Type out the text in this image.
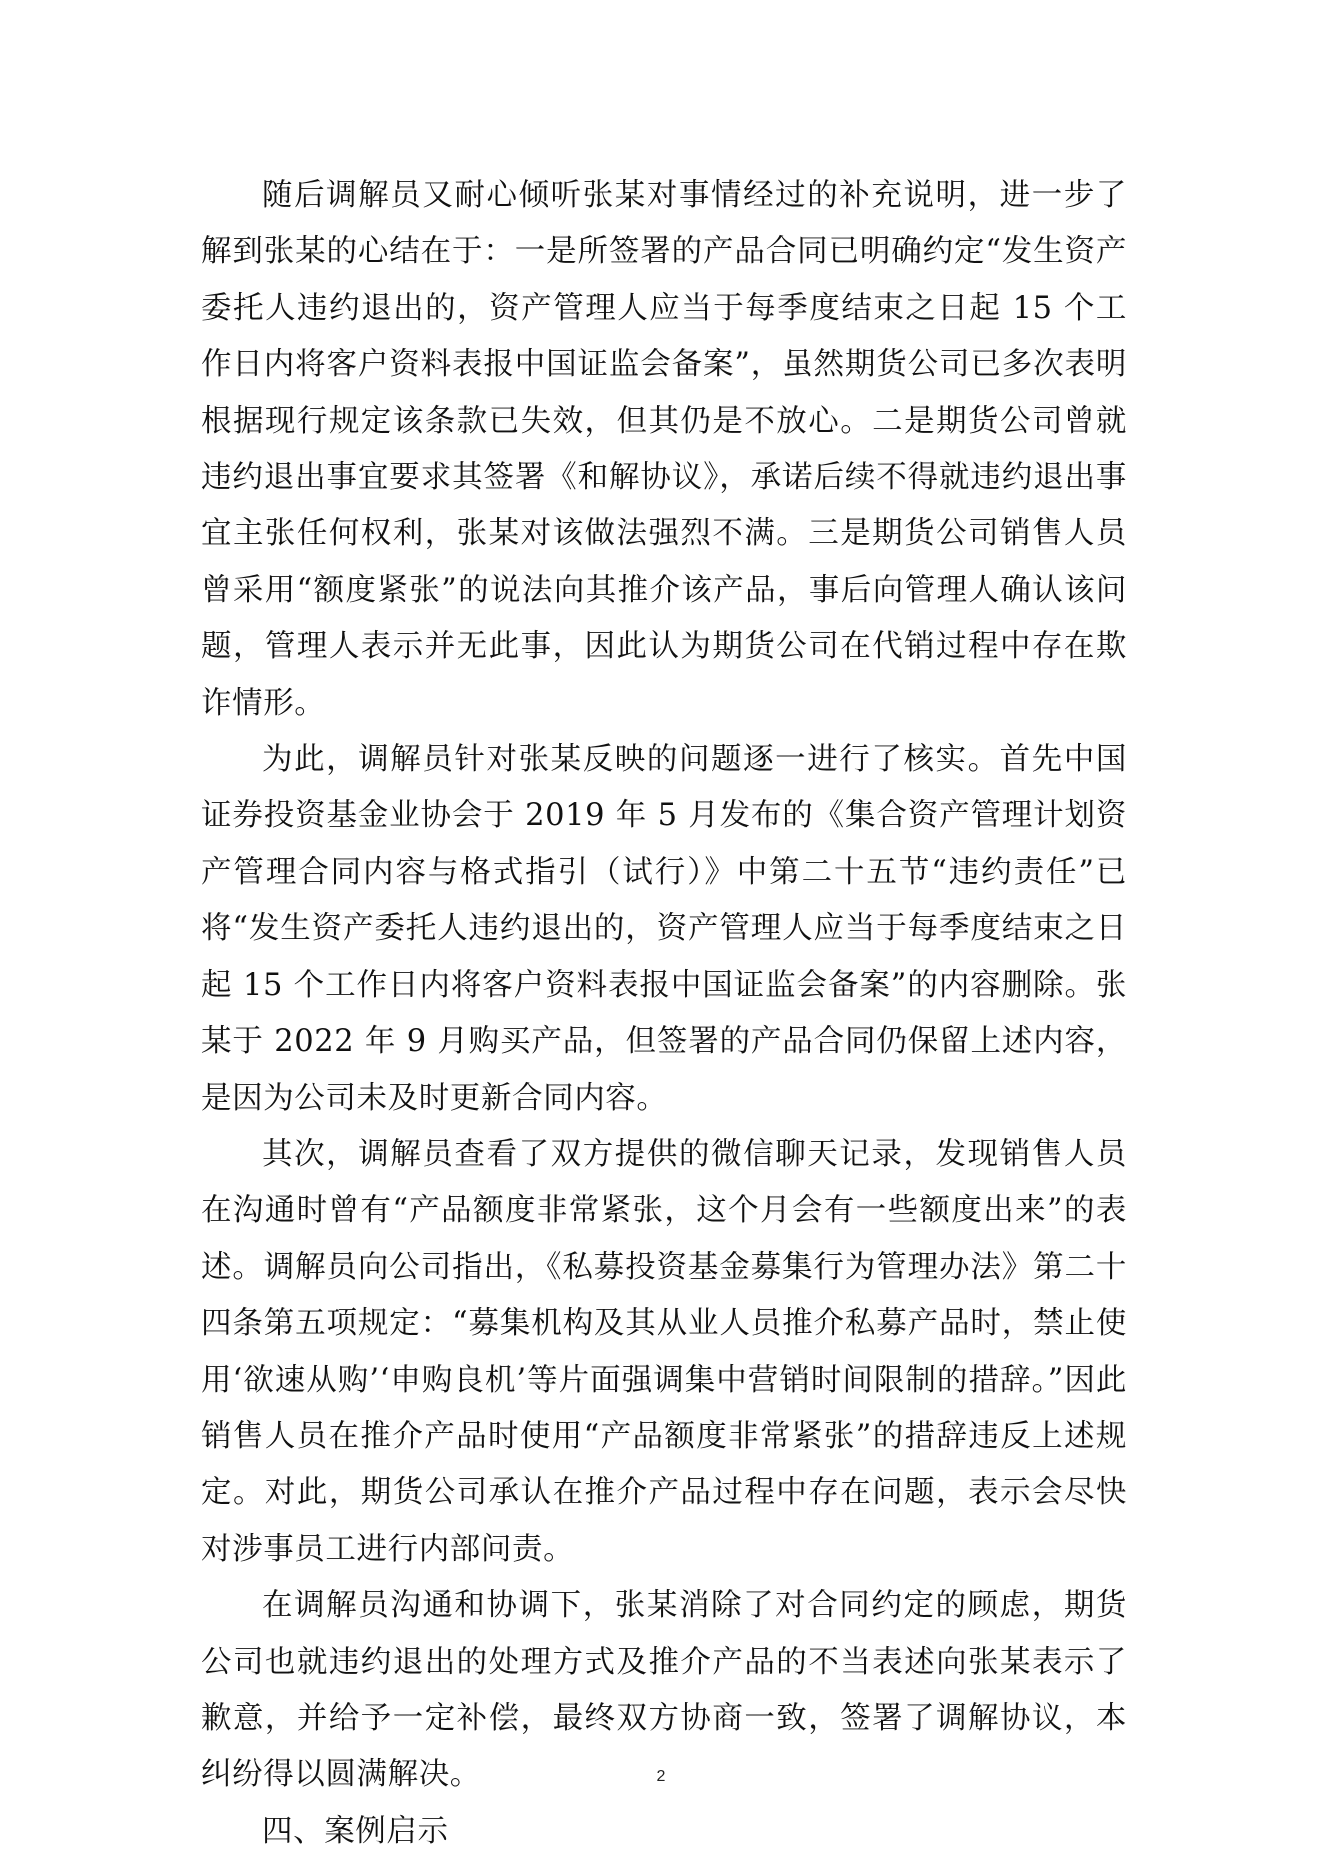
随后调解员又耐心倾听张某对事情经过的补充说明，进一步了解到张某的心结在于：一是所签署的产品合同已明确约定“发生资产委托人违约退出的，资产管理人应当于每季度结束之日起 15 个工作日内将客户资料表报中国证监会备案”，虽然期货公司已多次表明根据现行规定该条款已失效，但其仍是不放心。二是期货公司曾就违约退出事宜要求其签署《和解协议》，承诺后续不得就违约退出事宜主张任何权利，张某对该做法强烈不满。三是期货公司销售人员曾采用“额度紧张”的说法向其推介该产品，事后向管理人确认该问题，管理人表示并无此事，因此认为期货公司在代销过程中存在欺诈情形。

为此，调解员针对张某反映的问题逐一进行了核实。首先中国证券投资基金业协会于 2019 年 5 月发布的《集合资产管理计划资产管理合同内容与格式指引（试行）》中第二十五节“违约责任”已将“发生资产委托人违约退出的，资产管理人应当于每季度结束之日起 15 个工作日内将客户资料表报中国证监会备案”的内容删除。张某于 2022 年 9 月购买产品，但签署的产品合同仍保留上述内容，是因为公司未及时更新合同内容。

其次，调解员查看了双方提供的微信聊天记录，发现销售人员在沟通时曾有“产品额度非常紧张，这个月会有一些额度出来”的表述。调解员向公司指出，《私募投资基金募集行为管理办法》第二十四条第五项规定：“募集机构及其从业人员推介私募产品时，禁止使用‘欲速从购’‘申购良机’等片面强调集中营销时间限制的措辞。”因此销售人员在推介产品时使用“产品额度非常紧张”的措辞违反上述规定。对此，期货公司承认在推介产品过程中存在问题，表示会尽快对涉事员工进行内部问责。

在调解员沟通和协调下，张某消除了对合同约定的顾虑，期货公司也就违约退出的处理方式及推介产品的不当表述向张某表示了歉意，并给予一定补偿，最终双方协商一致，签署了调解协议，本纠纷得以圆满解决。

四、案例启示

2
